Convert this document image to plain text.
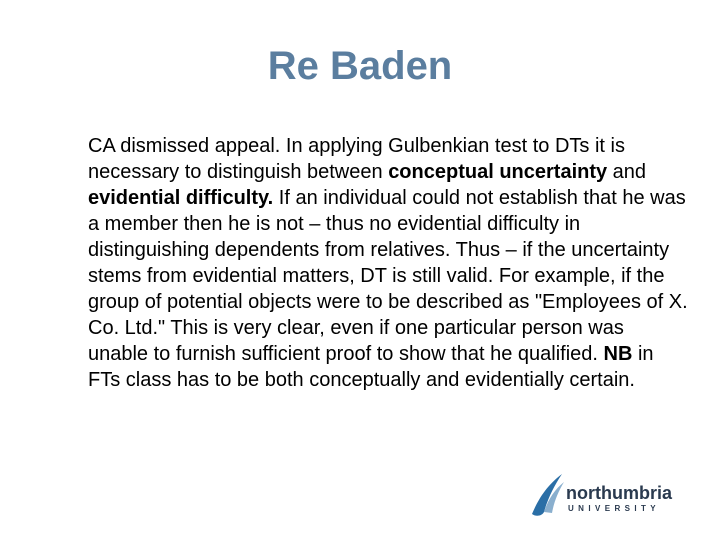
Re Baden

CA dismissed appeal. In applying Gulbenkian test to DTs it is necessary to distinguish between conceptual uncertainty and evidential difficulty. If an individual could not establish that he was a member then he is not – thus no evidential difficulty in distinguishing dependents from relatives. Thus – if the uncertainty stems from evidential matters, DT is still valid. For example, if the group of potential objects were to be described as "Employees of X. Co. Ltd." This is very clear, even if one particular person was unable to furnish sufficient proof to show that he qualified. NB in FTs class has to be both conceptually and evidentially certain.

northumbria
UNIVERSITY
